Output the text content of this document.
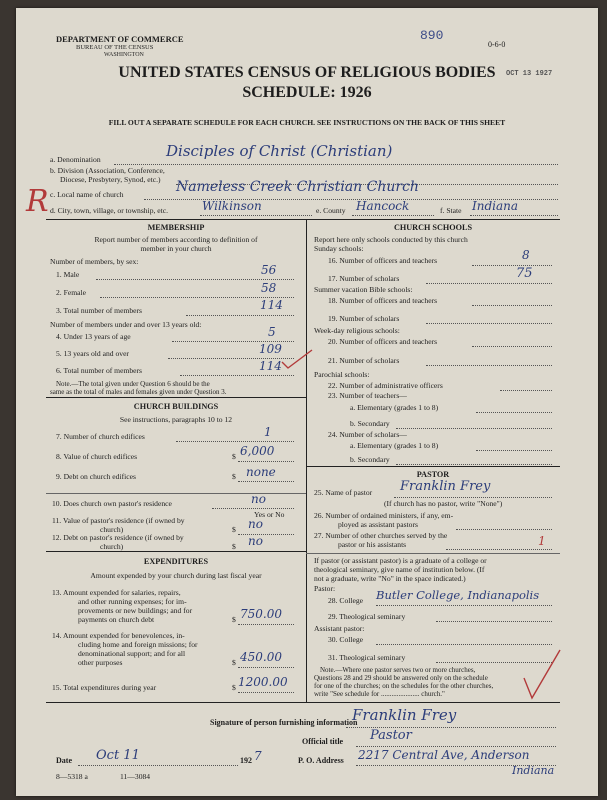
DEPARTMENT OF COMMERCE
BUREAU OF THE CENSUS
WASHINGTON
890
0-6-0
OCT 13 1927
UNITED STATES CENSUS OF RELIGIOUS BODIES
SCHEDULE: 1926
FILL OUT A SEPARATE SCHEDULE FOR EACH CHURCH. SEE INSTRUCTIONS ON THE BACK OF THIS SHEET
a. Denomination	Disciples of Christ (Christian)
b. Division (Association, Conference,
Diocese, Presbytery, Synod, etc.)
c. Local name of church	Nameless Creek Christian Church
R d. City, town, village, or township, etc.	Wilkinson	e. County Hancock	f. State Indiana
MEMBERSHIP
Report number of members according to definition of
member in your church
Number of members, by sex:
1. Male	56
2. Female	58
3. Total number of members	114
Number of members under and over 13 years old:
4. Under 13 years of age	5
5. 13 years old and over	109
6. Total number of members	114
Note.—The total given under Question 6 should be the
same as the total of males and females given under Question 3.
CHURCH BUILDINGS
See instructions, paragraphs 10 to 12
7. Number of church edifices	1
8. Value of church edifices	$ 6,000
9. Debt on church edifices	$ none
10. Does church own pastor's residence	no
Yes or No
11. Value of pastor's residence (if owned by
church)	$ no
12. Debt on pastor's residence (if owned by
church)	$ no
EXPENDITURES
Amount expended by your church during last fiscal year
13. Amount expended for salaries, repairs,
and other running expenses; for im-
provements or new buildings; and for
payments on church debt	$ 750.00
14. Amount expended for benevolences, in-
cluding home and foreign missions; for
denominational support; and for all
other purposes	$ 450.00
15. Total expenditures during year	$ 1200.00
CHURCH SCHOOLS
Report here only schools conducted by this church
Sunday schools:
16. Number of officers and teachers	8
17. Number of scholars	75
Summer vacation Bible schools:
18. Number of officers and teachers
19. Number of scholars
Week-day religious schools:
20. Number of officers and teachers
21. Number of scholars
Parochial schools:
22. Number of administrative officers
23. Number of teachers—
a. Elementary (grades 1 to 8)
b. Secondary
24. Number of scholars—
a. Elementary (grades 1 to 8)
b. Secondary
PASTOR
25. Name of pastor Franklin Frey
(If church has no pastor, write "None")
26. Number of ordained ministers, if any, em-
ployed as assistant pastors
27. Number of other churches served by the
pastor or his assistants	1
If pastor (or assistant pastor) is a graduate of a college or
theological seminary, give name of institution below. (If
not a graduate, write "No" in the space indicated.)
Pastor:
28. College Butler College, Indianapolis
29. Theological seminary
Assistant pastor:
30. College
31. Theological seminary
Note.—Where one pastor serves two or more churches,
Questions 28 and 29 should be answered only on the schedule
for one of the churches; on the schedules for the other churches,
write "See schedule for ...................... church."
Signature of person furnishing information
Franklin Frey
Official title Pastor
Date Oct 11	192 7	P. O. Address 2217 Central Ave, Anderson
Indiana
8—5318 a	11—3084
